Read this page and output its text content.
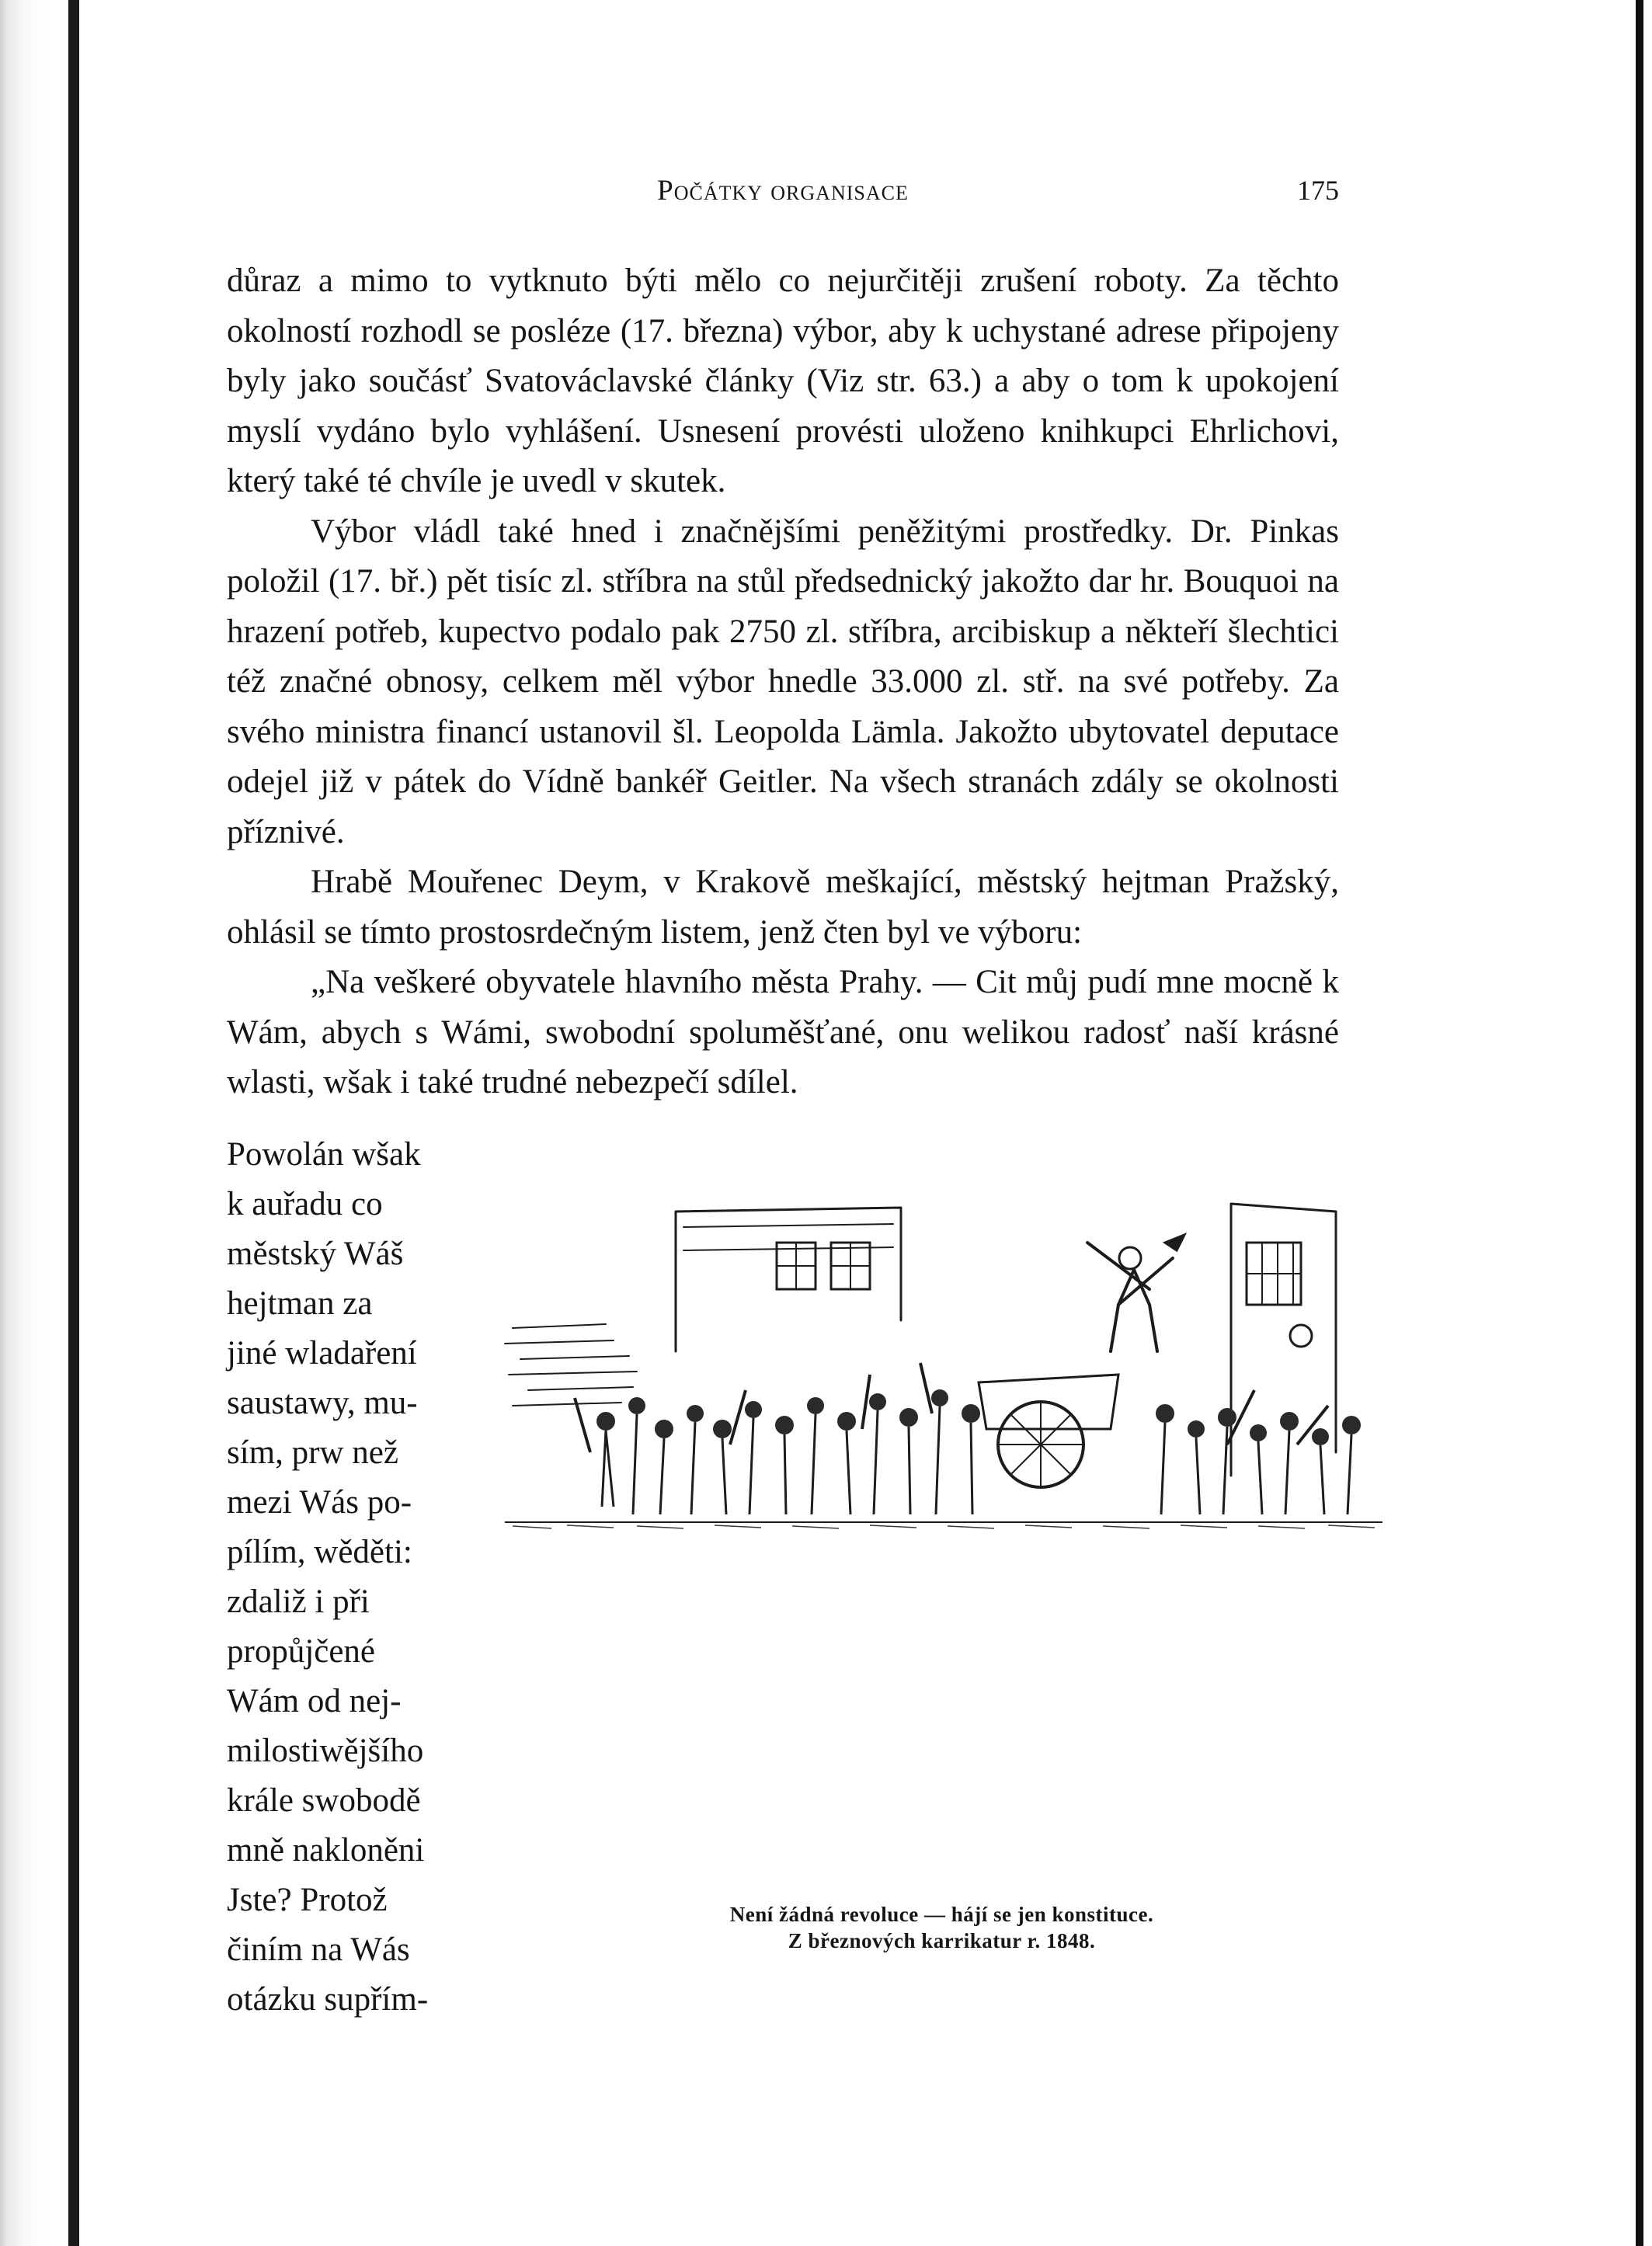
Počátky organisace	175

důraz a mimo to vytknuto býti mělo co nejurčitěji zrušení roboty. Za těchto okolností rozhodl se posléze (17. března) výbor, aby k uchystané adrese připojeny byly jako součásť Svatováclavské články (Viz str. 63.) a aby o tom k upokojení myslí vydáno bylo vyhlášení. Usnesení provésti uloženo knihkupci Ehrlichovi, který také té chvíle je uvedl v skutek.

Výbor vládl také hned i značnějšími peněžitými prostředky. Dr. Pinkas položil (17. bř.) pět tisíc zl. stříbra na stůl předsednický jakožto dar hr. Bouquoi na hrazení potřeb, kupectvo podalo pak 2750 zl. stříbra, arcibiskup a někteří šlechtici též značné obnosy, celkem měl výbor hnedle 33.000 zl. stř. na své potřeby. Za svého ministra financí ustanovil šl. Leopolda Lämla. Jakožto ubytovatel deputace odejel již v pátek do Vídně bankéř Geitler. Na všech stranách zdály se okolnosti příznivé.

Hrabě Mouřenec Deym, v Krakově meškající, městský hejtman Pražský, ohlásil se tímto prostosrdečným listem, jenž čten byl ve výboru:

„Na veškeré obyvatele hlavního města Prahy. — Cit můj pudí mne mocně k Wám, abych s Wámi, swobodní spoluměšťané, onu welikou radosť naší krásné wlasti, wšak i také trudné nebezpečí sdílel.

Powolán wšak

k auřadu co

městský Wáš

hejtman za

jiné wladaření

saustawy, mu-

sím, prw než

mezi Wás po-

pílím, wěděti:

zdaliž i při

propůjčené

Wám od nej-

milostiwějšího

krále swobodě

mně nakloněni

Jste? Protož

činím na Wás

otázku supřím-

Není žádná revoluce — hájí se jen konstituce.
Z březnových karrikatur r. 1848.
